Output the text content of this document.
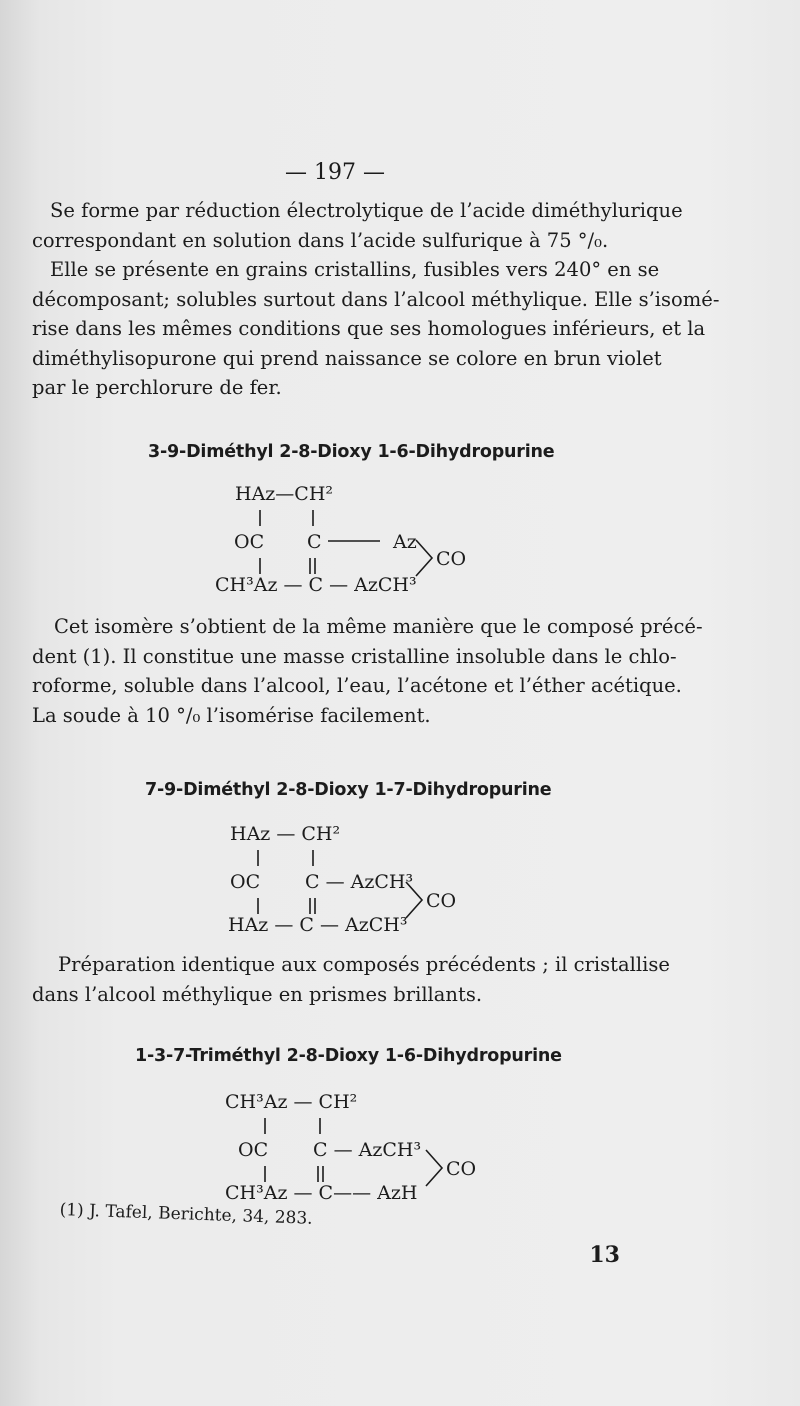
— 197 —
Se forme par réduction électrolytique de l’acide diméthylurique
correspondant en solution dans l’acide sulfurique à 75 °/₀.
Elle se présente en grains cristallins, fusibles vers 240° en se
décomposant; solubles surtout dans l’alcool méthylique. Elle s’isomé-
rise dans les mêmes conditions que ses homologues inférieurs, et la
diméthylisopurone qui prend naissance se colore en brun violet
par le perchlorure de fer.
3-9-Diméthyl 2-8-Dioxy 1-6-Dihydropurine
HAz—CH²
OC C	Az
CO
CH³Az — C — AzCH³
Cet isomère s’obtient de la même manière que le composé précé-
dent (1). Il constitue une masse cristalline insoluble dans le chlo-
roforme, soluble dans l’alcool, l’eau, l’acétone et l’éther acétique.
La soude à 10 °/₀ l’isomérise facilement.
7-9-Diméthyl 2-8-Dioxy 1-7-Dihydropurine
HAz — CH²
OC C — AzCH³
CO
HAz — C — AzCH³
Préparation identique aux composés précédents ; il cristallise
dans l’alcool méthylique en prismes brillants.
1-3-7-Triméthyl 2-8-Dioxy 1-6-Dihydropurine
CH³Az — CH²
OC C — AzCH³
CO
CH³Az — C—— AzH
(1) J. Tafel, Berichte, 34, 283.
13
